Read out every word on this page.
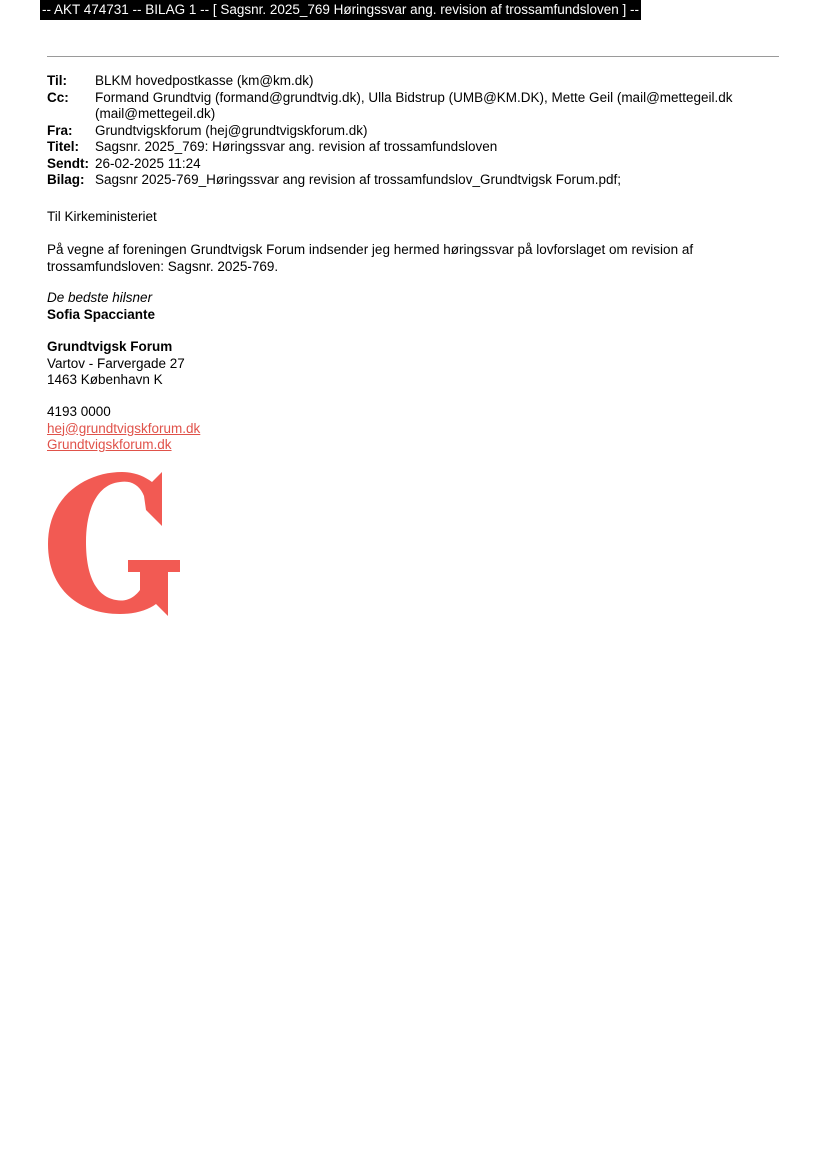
-- AKT 474731 -- BILAG 1 -- [ Sagsnr. 2025_769 Høringssvar ang. revision af trossamfundsloven ] --
Til:	BLKM hovedpostkasse (km@km.dk)
Cc:	Formand Grundtvig (formand@grundtvig.dk), Ulla Bidstrup (UMB@KM.DK), Mette Geil (mail@mettegeil.dk
(mail@mettegeil.dk)
Fra:	Grundtvigskforum (hej@grundtvigskforum.dk)
Titel:	Sagsnr. 2025_769: Høringssvar ang. revision af trossamfundsloven
Sendt:	26-02-2025 11:24
Bilag:	Sagsnr 2025-769_Høringssvar ang revision af trossamfundslov_Grundtvigsk Forum.pdf;

Til Kirkeministeriet

På vegne af foreningen Grundtvigsk Forum indsender jeg hermed høringssvar på lovforslaget om revision af
trossamfundsloven: Sagsnr. 2025-769.

De bedste hilsner
Sofia Spacciante

Grundtvigsk Forum
Vartov - Farvergade 27
1463 København K

4193 0000
hej@grundtvigskforum.dk
Grundtvigskforum.dk
